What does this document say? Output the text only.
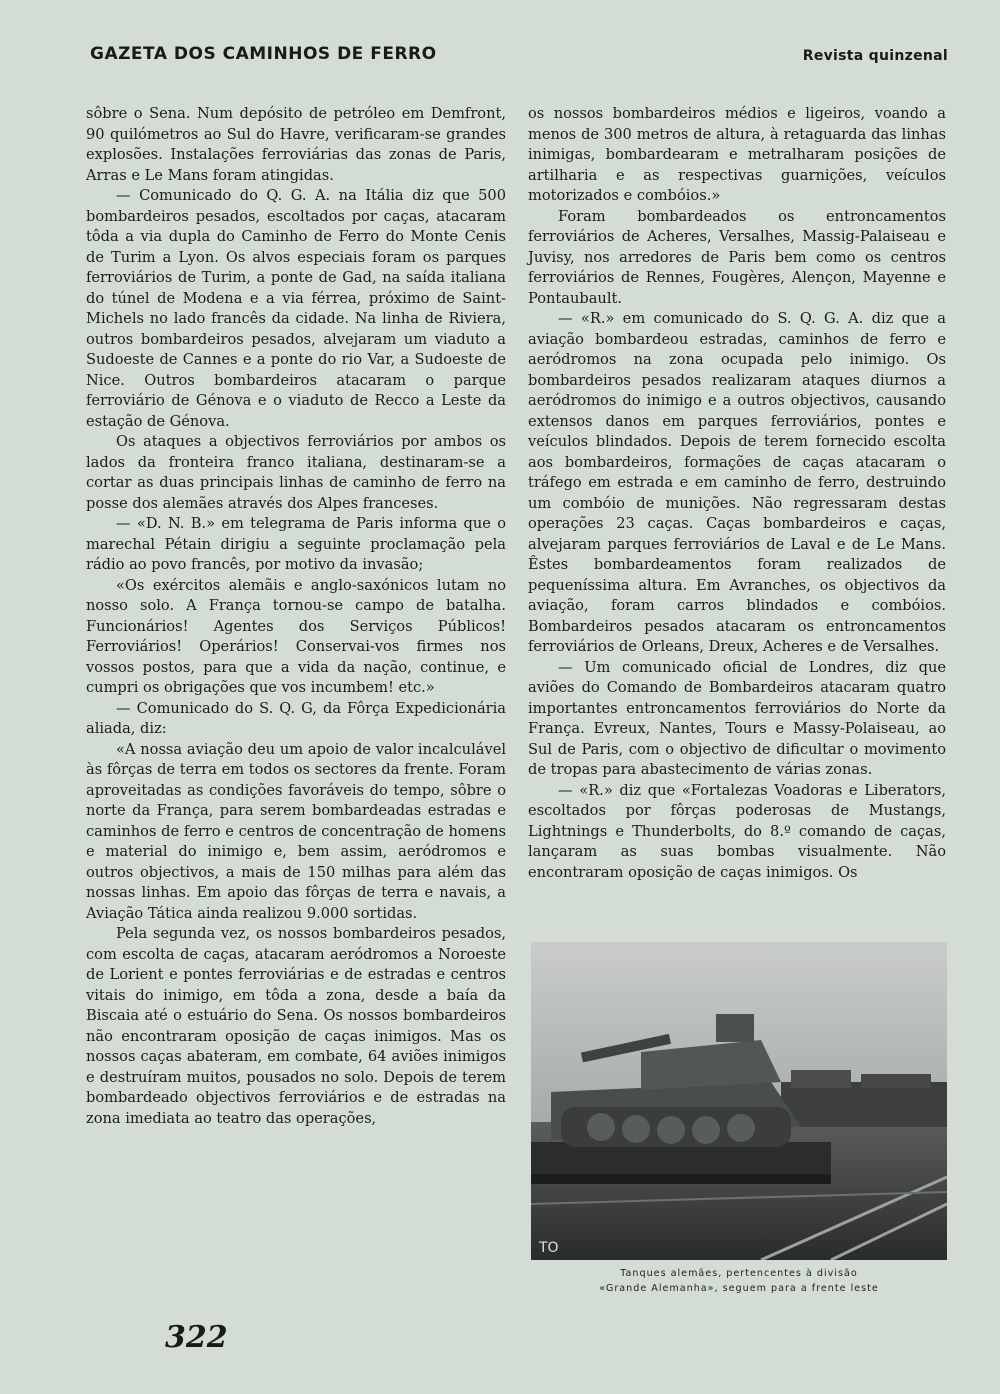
GAZETA DOS CAMINHOS DE FERRO	Revista quinzenal

sôbre o Sena. Num depósito de petróleo em Demfront, 90 quilómetros ao Sul do Havre, verificaram-se grandes explosões. Instalações ferroviárias das zonas de Paris, Arras e Le Mans foram atingidas.

— Comunicado do Q. G. A. na Itália diz que 500 bombardeiros pesados, escoltados por caças, atacaram tôda a via dupla do Caminho de Ferro do Monte Cenis de Turim a Lyon. Os alvos especiais foram os parques ferroviários de Turim, a ponte de Gad, na saída italiana do túnel de Modena e a via férrea, próximo de Saint-Michels no lado francês da cidade. Na linha de Riviera, outros bombardeiros pesados, alvejaram um viaduto a Sudoeste de Cannes e a ponte do rio Var, a Sudoeste de Nice. Outros bombardeiros atacaram o parque ferroviário de Génova e o viaduto de Recco a Leste da estação de Génova.

Os ataques a objectivos ferroviários por ambos os lados da fronteira franco italiana, destinaram-se a cortar as duas principais linhas de caminho de ferro na posse dos alemães através dos Alpes franceses.

— «D. N. B.» em telegrama de Paris informa que o marechal Pétain dirigiu a seguinte proclamação pela rádio ao povo francês, por motivo da invasão;

«Os exércitos alemãis e anglo-saxónicos lutam no nosso solo. A França tornou-se campo de batalha. Funcionários! Agentes dos Serviços Públicos! Ferroviários! Operários! Conservai-vos firmes nos vossos postos, para que a vida da nação, continue, e cumpri os obrigações que vos incumbem! etc.»

— Comunicado do S. Q. G, da Fôrça Expedicionária aliada, diz:

«A nossa aviação deu um apoio de valor incalculável às fôrças de terra em todos os sectores da frente. Foram aproveitadas as condições favoráveis do tempo, sôbre o norte da França, para serem bombardeadas estradas e caminhos de ferro e centros de concentração de homens e material do inimigo e, bem assim, aeródromos e outros objectivos, a mais de 150 milhas para além das nossas linhas. Em apoio das fôrças de terra e navais, a Aviação Tática ainda realizou 9.000 sortidas.

Pela segunda vez, os nossos bombardeiros pesados, com escolta de caças, atacaram aeródromos a Noroeste de Lorient e pontes ferroviárias e de estradas e centros vitais do inimigo, em tôda a zona, desde a baía da Biscaia até o estuário do Sena. Os nossos bombardeiros não encontraram oposição de caças inimigos. Mas os nossos caças abateram, em combate, 64 aviões inimigos e destruíram muitos, pousados no solo. Depois de terem bombardeado objectivos ferroviários e de estradas na zona imediata ao teatro das operações,

os nossos bombardeiros médios e ligeiros, voando a menos de 300 metros de altura, à retaguarda das linhas inimigas, bombardearam e metralharam posições de artilharia e as respectivas guarnições, veículos motorizados e combóios.»

Foram bombardeados os entroncamentos ferroviários de Acheres, Versalhes, Massig-Palaiseau e Juvisy, nos arredores de Paris bem como os centros ferroviários de Rennes, Fougères, Alençon, Mayenne e Pontaubault.

— «R.» em comunicado do S. Q. G. A. diz que a aviação bombardeou estradas, caminhos de ferro e aeródromos na zona ocupada pelo inimigo. Os bombardeiros pesados realizaram ataques diurnos a aeródromos do inimigo e a outros objectivos, causando extensos danos em parques ferroviários, pontes e veículos blindados. Depois de terem fornecido escolta aos bombardeiros, formações de caças atacaram o tráfego em estrada e em caminho de ferro, destruindo um combóio de munições. Não regressaram destas operações 23 caças. Caças bombardeiros e caças, alvejaram parques ferroviários de Laval e de Le Mans. Êstes bombardeamentos foram realizados de pequeníssima altura. Em Avranches, os objectivos da aviação, foram carros blindados e combóios. Bombardeiros pesados atacaram os entroncamentos ferroviários de Orleans, Dreux, Acheres e de Versalhes.

— Um comunicado oficial de Londres, diz que aviões do Comando de Bombardeiros atacaram quatro importantes entroncamentos ferroviários do Norte da França. Evreux, Nantes, Tours e Massy-Polaiseau, ao Sul de Paris, com o objectivo de dificultar o movimento de tropas para abastecimento de várias zonas.

— «R.» diz que «Fortalezas Voadoras e Liberators, escoltados por fôrças poderosas de Mustangs, Lightnings e Thunderbolts, do 8.º comando de caças, lançaram as suas bombas visualmente. Não encontraram oposição de caças inimigos. Os

TO
Tanques alemães, pertencentes à divisão
«Grande Alemanha», seguem para a frente leste
322
